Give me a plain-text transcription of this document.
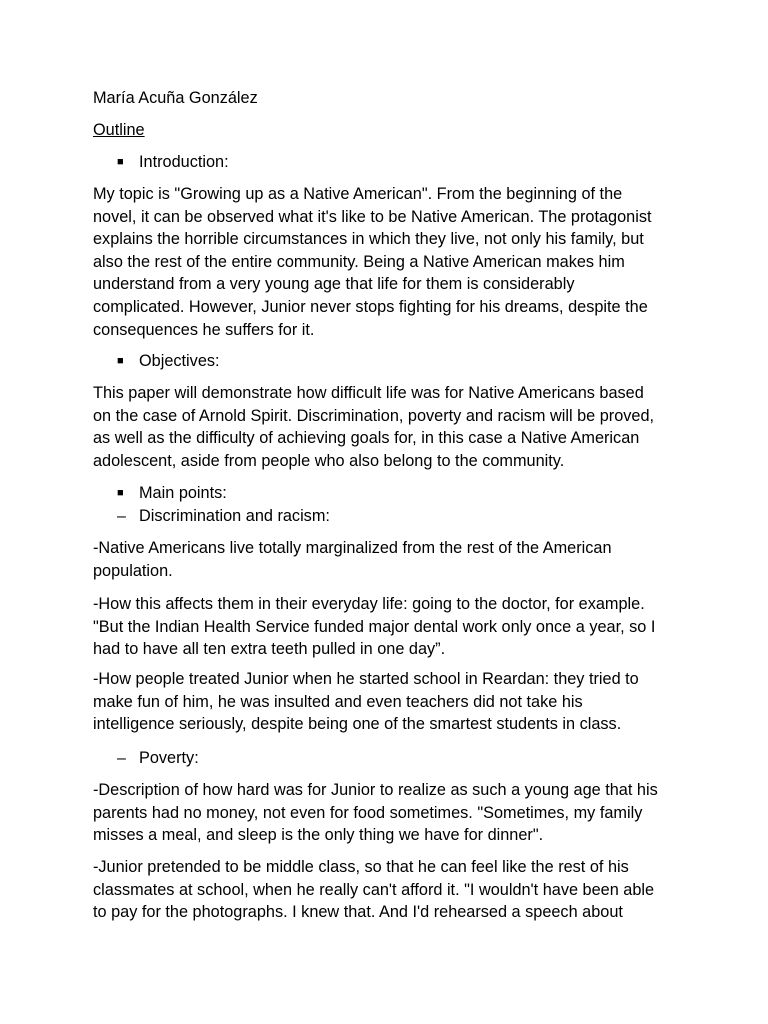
María Acuña González

Outline

■ Introduction:

My topic is "Growing up as a Native American". From the beginning of the
novel, it can be observed what it's like to be Native American. The protagonist
explains the horrible circumstances in which they live, not only his family, but
also the rest of the entire community. Being a Native American makes him
understand from a very young age that life for them is considerably
complicated. However, Junior never stops fighting for his dreams, despite the
consequences he suffers for it.

■ Objectives:

This paper will demonstrate how difficult life was for Native Americans based
on the case of Arnold Spirit. Discrimination, poverty and racism will be proved,
as well as the difficulty of achieving goals for, in this case a Native American
adolescent, aside from people who also belong to the community.

■ Main points:

– Discrimination and racism:

-Native Americans live totally marginalized from the rest of the American
population.
-How this affects them in their everyday life: going to the doctor, for example.
"But the Indian Health Service funded major dental work only once a year, so I
had to have all ten extra teeth pulled in one day”.
-How people treated Junior when he started school in Reardan: they tried to
make fun of him, he was insulted and even teachers did not take his
intelligence seriously, despite being one of the smartest students in class.

– Poverty:

-Description of how hard was for Junior to realize as such a young age that his
parents had no money, not even for food sometimes. "Sometimes, my family
misses a meal, and sleep is the only thing we have for dinner".
-Junior pretended to be middle class, so that he can feel like the rest of his
classmates at school, when he really can't afford it. "I wouldn't have been able
to pay for the photographs. I knew that. And I'd rehearsed a speech about
